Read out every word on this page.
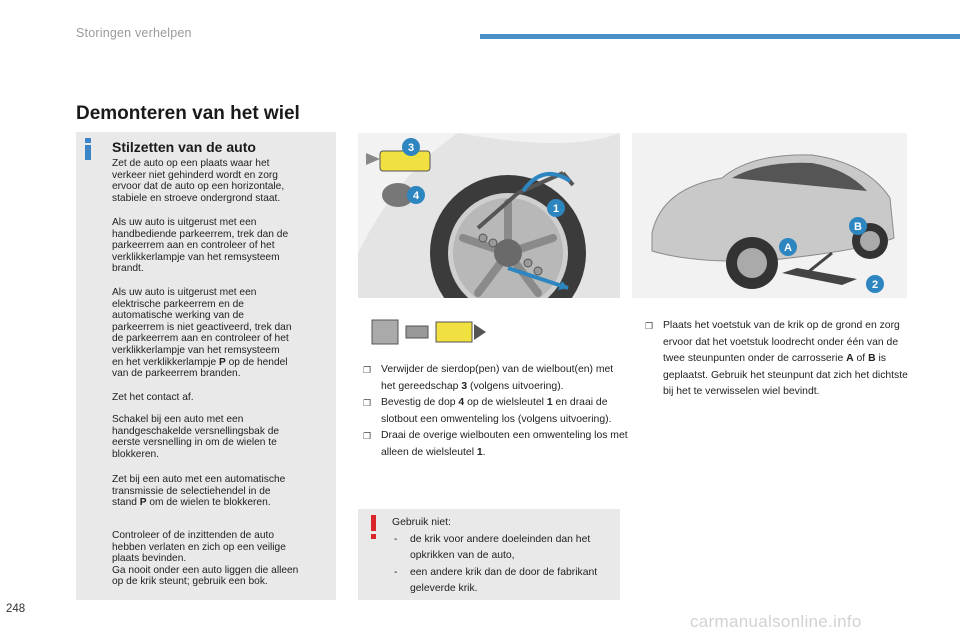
Storingen verhelpen
Demonteren van het wiel
Stilzetten van de auto
Zet de auto op een plaats waar het
verkeer niet gehinderd wordt en zorg
ervoor dat de auto op een horizontale,
stabiele en stroeve ondergrond staat.
Als uw auto is uitgerust met een
handbediende parkeerrem, trek dan de
parkeerrem aan en controleer of het
verklikkerlampje van het remsysteem
brandt.
Als uw auto is uitgerust met een
elektrische parkeerrem en de
automatische werking van de
parkeerrem is niet geactiveerd, trek dan
de parkeerrem aan en controleer of het
verklikkerlampje van het remsysteem
en het verklikkerlampje P op de hendel
van de parkeerrem branden.
Zet het contact af.
Schakel bij een auto met een
handgeschakelde versnellingsbak de
eerste versnelling in om de wielen te
blokkeren.
Zet bij een auto met een automatische
transmissie de selectiehendel in de
stand P om de wielen te blokkeren.
Controleer of de inzittenden de auto
hebben verlaten en zich op een veilige
plaats bevinden.
Ga nooit onder een auto liggen die alleen
op de krik steunt; gebruik een bok.
3
4
1
A
B
2
❐ Verwijder de sierdop(pen) van de wielbout(en) met het gereedschap 3 (volgens uitvoering).
❐ Bevestig de dop 4 op de wielsleutel 1 en draai de slotbout een omwenteling los (volgens uitvoering).
❐ Draai de overige wielbouten een omwenteling los met alleen de wielsleutel 1.
❐ Plaats het voetstuk van de krik op de grond en zorg ervoor dat het voetstuk loodrecht onder één van de twee steunpunten onder de carrosserie A of B is geplaatst. Gebruik het steunpunt dat zich het dichtste bij het te verwisselen wiel bevindt.
Gebruik niet:
- de krik voor andere doeleinden dan het opkrikken van de auto,
- een andere krik dan de door de fabrikant geleverde krik.
248
carmanualsonline.info
